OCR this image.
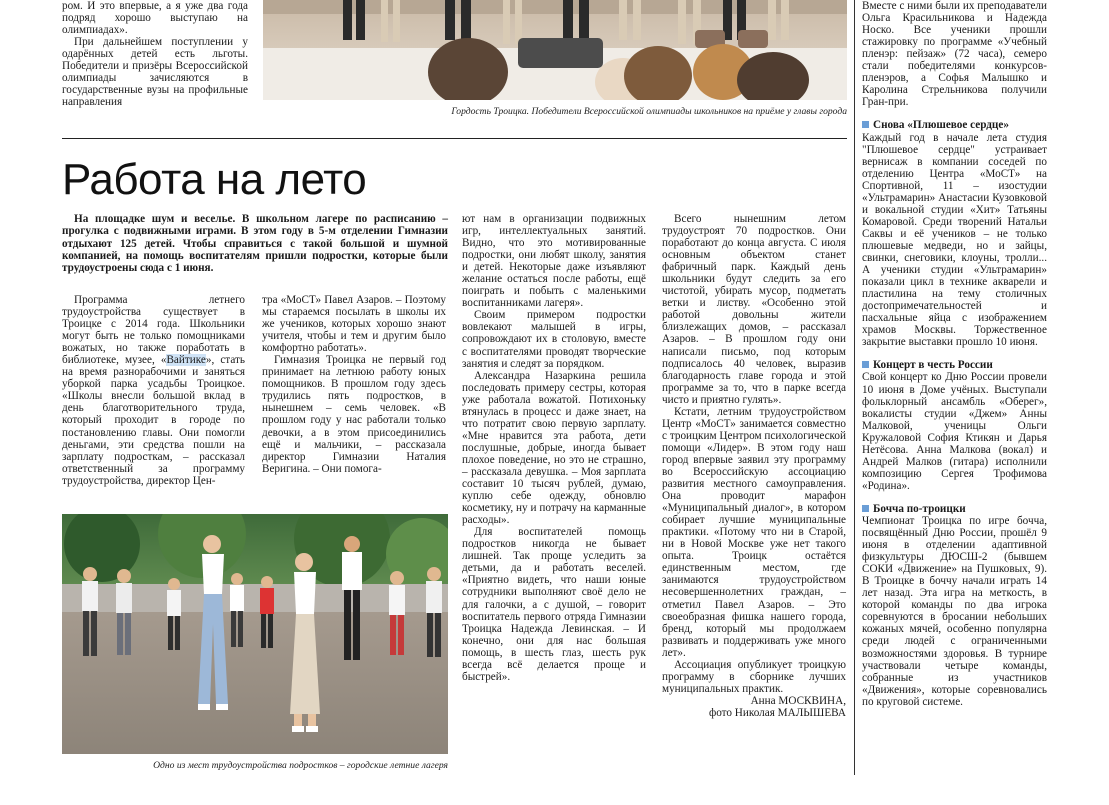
ром. И это впервые, а я уже два года подряд хорошо выступаю на олимпиадах».

При дальнейшем поступлении у одарённых детей есть льготы. Победители и призёры Всероссийской олимпиады зачисляются в государственные вузы на профильные направления

Гордость Троицка. Победители Всероссийской олимпиады школьников на приёме у главы города
Работа на лето

На площадке шум и веселье. В школьном лагере по расписанию – прогулка с подвижными играми. В этом году в 5-м отделении Гимназии отдыхают 125 детей. Чтобы справиться с такой большой и шумной компанией, на помощь воспитателям пришли подростки, которые были трудоустроены сюда с 1 июня.

Программа летнего трудоустройства существует в Троицке с 2014 года. Школьники могут быть не только помощниками вожатых, но также поработать в библиотеке, музее, «Вайтике», стать на время разнорабочими и заняться уборкой парка усадьбы Троицкое. «Школы внесли большой вклад в день благотворительного труда, который проходит в городе по постановлению главы. Они помогли деньгами, эти средства пошли на зарплату подросткам, – рассказал ответственный за программу трудоустройства, директор Цен-

тра «МоСТ» Павел Азаров. – Поэтому мы стараемся посылать в школы их же учеников, которых хорошо знают учителя, чтобы и тем и другим было комфортно работать».

Гимназия Троицка не первый год принимает на летнюю работу юных помощников. В прошлом году здесь трудились пять подростков, в нынешнем – семь человек. «В прошлом году у нас работали только девочки, а в этом присоединились ещё и мальчики, – рассказала директор Гимназии Наталия Веригина. – Они помога-

Одно из мест трудоустройства подростков – городские летние лагеря

ют нам в организации подвижных игр, интеллектуальных занятий. Видно, что это мотивированные подростки, они любят школу, занятия и детей. Некоторые даже изъявляют желание остаться после работы, ещё поиграть и побыть с маленькими воспитанниками лагеря».

Своим примером подростки вовлекают малышей в игры, сопровождают их в столовую, вместе с воспитателями проводят творческие занятия и следят за порядком.

Александра Назаркина решила последовать примеру сестры, которая уже работала вожатой. Потихоньку втянулась в процесс и даже знает, на что потратит свою первую зарплату. «Мне нравится эта работа, дети послушные, добрые, иногда бывает плохое поведение, но это не страшно, – рассказала девушка. – Моя зарплата составит 10 тысяч рублей, думаю, куплю себе одежду, обновлю косметику, ну и потрачу на карманные расходы».

Для воспитателей помощь подростков никогда не бывает лишней. Так проще уследить за детьми, да и работать веселей. «Приятно видеть, что наши юные сотрудники выполняют своё дело не для галочки, а с душой, – говорит воспитатель первого отряда Гимназии Троицка Надежда Левинская. – И конечно, они для нас большая помощь, в шесть глаз, шесть рук всегда всё делается проще и быстрей».

Всего нынешним летом трудоустроят 70 подростков. Они поработают до конца августа. С июля основным объектом станет фабричный парк. Каждый день школьники будут следить за его чистотой, убирать мусор, подметать ветки и листву. «Особенно этой работой довольны жители близлежащих домов, – рассказал Азаров. – В прошлом году они написали письмо, под которым подписалось 40 человек, выразив благодарность главе города и этой программе за то, что в парке всегда чисто и приятно гулять».

Кстати, летним трудоустройством Центр «МоСТ» занимается совместно с троицким Центром психологической помощи «Лидер». В этом году наш город впервые заявил эту программу во Всероссийскую ассоциацию развития местного самоуправления. Она проводит марафон «Муниципальный диалог», в котором собирает лучшие муниципальные практики. «Потому что ни в Старой, ни в Новой Москве уже нет такого опыта. Троицк остаётся единственным местом, где занимаются трудоустройством несовершеннолетних граждан, – отметил Павел Азаров. – Это своеобразная фишка нашего города, бренд, который мы продолжаем развивать и поддерживать уже много лет».

Ассоциация опубликует троицкую программу в сборнике лучших муниципальных практик.

Анна МОСКВИНА,
фото Николая МАЛЫШЕВА

Вместе с ними были их преподаватели Ольга Красильникова и Надежда Носко. Все ученики прошли стажировку по программе «Учебный пленэр: пейзаж» (72 часа), семеро стали победителями конкурсов-пленэров, а Софья Малышко и Каролина Стрельникова получили Гран-при.

Снова «Плюшевое сердце»

Каждый год в начале лета студия "Плюшевое сердце" устраивает вернисаж в компании соседей по отделению Центра «МоСТ» на Спортивной, 11 – изостудии «Ультрамарин» Анастасии Кузовковой и вокальной студии «Хит» Татьяны Комаровой. Среди творений Натальи Саквы и её учеников – не только плюшевые медведи, но и зайцы, свинки, снеговики, клоуны, тролли... А ученики студии «Ультрамарин» показали цикл в технике акварели и пластилина на тему столичных достопримечательностей и пасхальные яйца с изображением храмов Москвы. Торжественное закрытие выставки прошло 10 июня.

Концерт в честь России

Свой концерт ко Дню России провели 10 июня в Доме учёных. Выступали фольклорный ансамбль «Оберег», вокалисты студии «Джем» Анны Малковой, ученицы Ольги Кружаловой София Ктикян и Дарья Нетёсова. Анна Малкова (вокал) и Андрей Малков (гитара) исполнили композицию Сергея Трофимова «Родина».

Бочча по-троицки

Чемпионат Троицка по игре бочча, посвящённый Дню России, прошёл 9 июня в отделении адаптивной физкультуры ДЮСШ-2 (бывшем СОКИ «Движение» на Пушковых, 9). В Троицке в боччу начали играть 14 лет назад. Эта игра на меткость, в которой команды по два игрока соревнуются в бросании небольших кожаных мячей, особенно популярна среди людей с ограниченными возможностями здоровья. В турнире участвовали четыре команды, собранные из участников «Движения», которые соревновались по круговой системе.
